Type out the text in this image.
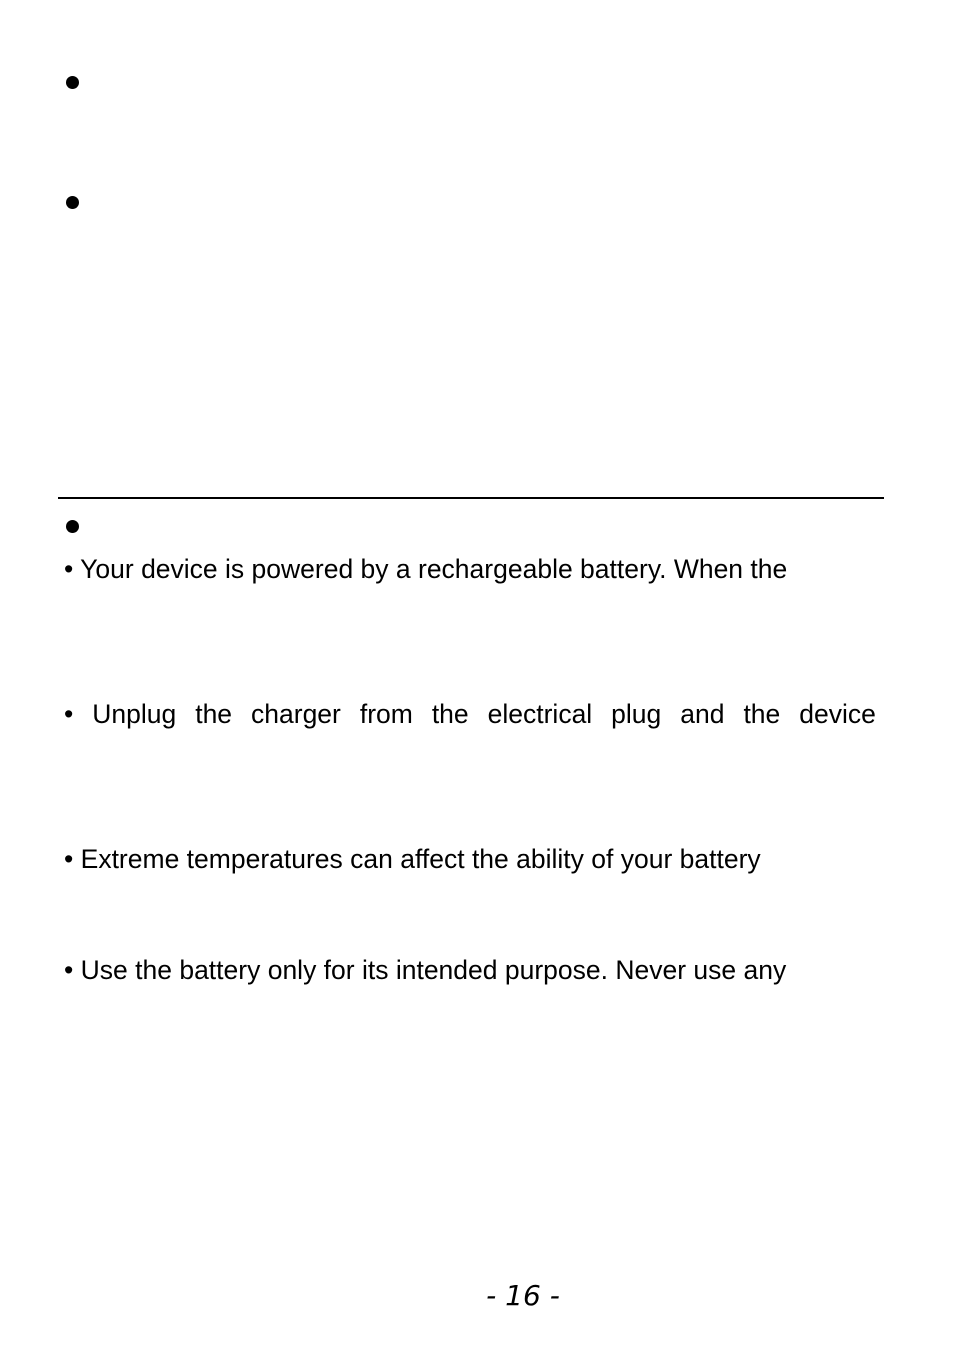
• Your device is powered by a rechargeable battery. When the
• Unplug the charger from the electrical plug and the device
• Extreme temperatures can affect the ability of your battery
• Use the battery only for its intended purpose. Never use any
- 16 -
